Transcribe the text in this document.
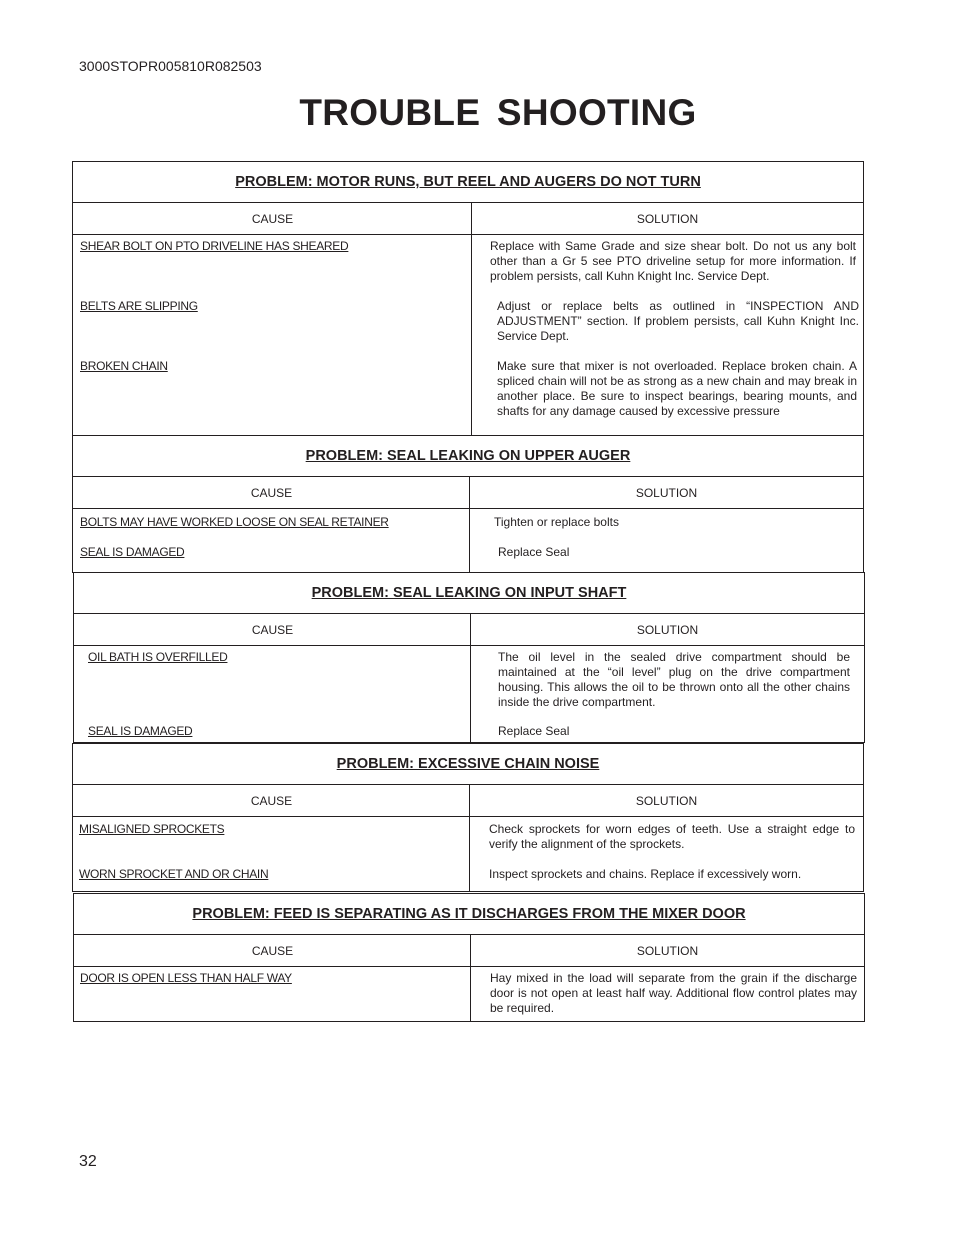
3000STOPR005810R082503
TROUBLE SHOOTING
PROBLEM: MOTOR RUNS, BUT REEL AND AUGERS DO NOT TURN
CAUSE	SOLUTION
SHEAR BOLT ON PTO DRIVELINE HAS SHEARED	Replace with Same Grade and size shear bolt. Do not us any bolt other than a Gr 5 see PTO driveline setup for more information. If problem persists, call Kuhn Knight Inc. Service Dept.
BELTS ARE SLIPPING	Adjust or replace belts as outlined in “INSPECTION AND ADJUSTMENT” section. If problem persists, call Kuhn Knight Inc. Service Dept.
BROKEN CHAIN	Make sure that mixer is not overloaded. Replace broken chain. A spliced chain will not be as strong as a new chain and may break in another place. Be sure to inspect bearings, bearing mounts, and shafts for any damage caused by excessive pressure
PROBLEM: SEAL LEAKING ON UPPER AUGER
CAUSE	SOLUTION
BOLTS MAY HAVE WORKED LOOSE ON SEAL RETAINER	Tighten or replace bolts
SEAL IS DAMAGED	Replace Seal
PROBLEM: SEAL LEAKING ON INPUT SHAFT
CAUSE	SOLUTION
OIL BATH IS OVERFILLED	The oil level in the sealed drive compartment should be maintained at the “oil level” plug on the drive compartment housing. This allows the oil to be thrown onto all the other chains inside the drive compartment.
SEAL IS DAMAGED	Replace Seal
PROBLEM: EXCESSIVE CHAIN NOISE
CAUSE	SOLUTION
MISALIGNED SPROCKETS	Check sprockets for worn edges of teeth. Use a straight edge to verify the alignment of the sprockets.
WORN SPROCKET AND OR CHAIN	Inspect sprockets and chains. Replace if excessively worn.
PROBLEM: FEED IS SEPARATING AS IT DISCHARGES FROM THE MIXER DOOR
CAUSE	SOLUTION
DOOR IS OPEN LESS THAN HALF WAY	Hay mixed in the load will separate from the grain if the discharge door is not open at least half way. Additional flow control plates may be required.
32
